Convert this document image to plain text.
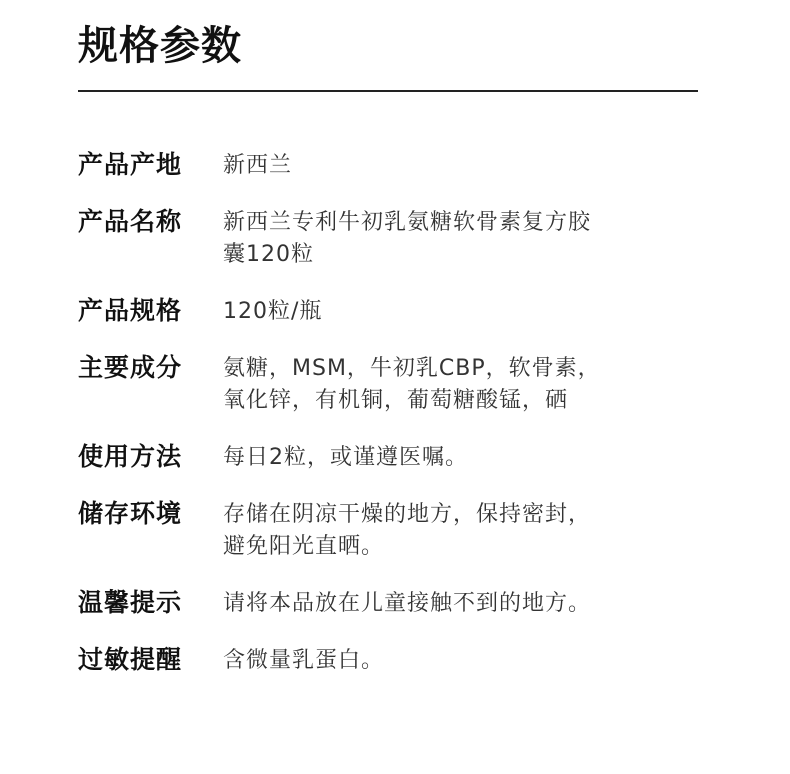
规格参数
产品产地	新西兰
产品名称	新西兰专利牛初乳氨糖软骨素复方胶
囊120粒
产品规格	120粒/瓶
主要成分	氨糖，MSM，牛初乳CBP，软骨素，
氧化锌，有机铜，葡萄糖酸锰，硒
使用方法	每日2粒，或谨遵医嘱。
储存环境	存储在阴凉干燥的地方，保持密封，
避免阳光直晒。
温馨提示	请将本品放在儿童接触不到的地方。
过敏提醒	含微量乳蛋白。
